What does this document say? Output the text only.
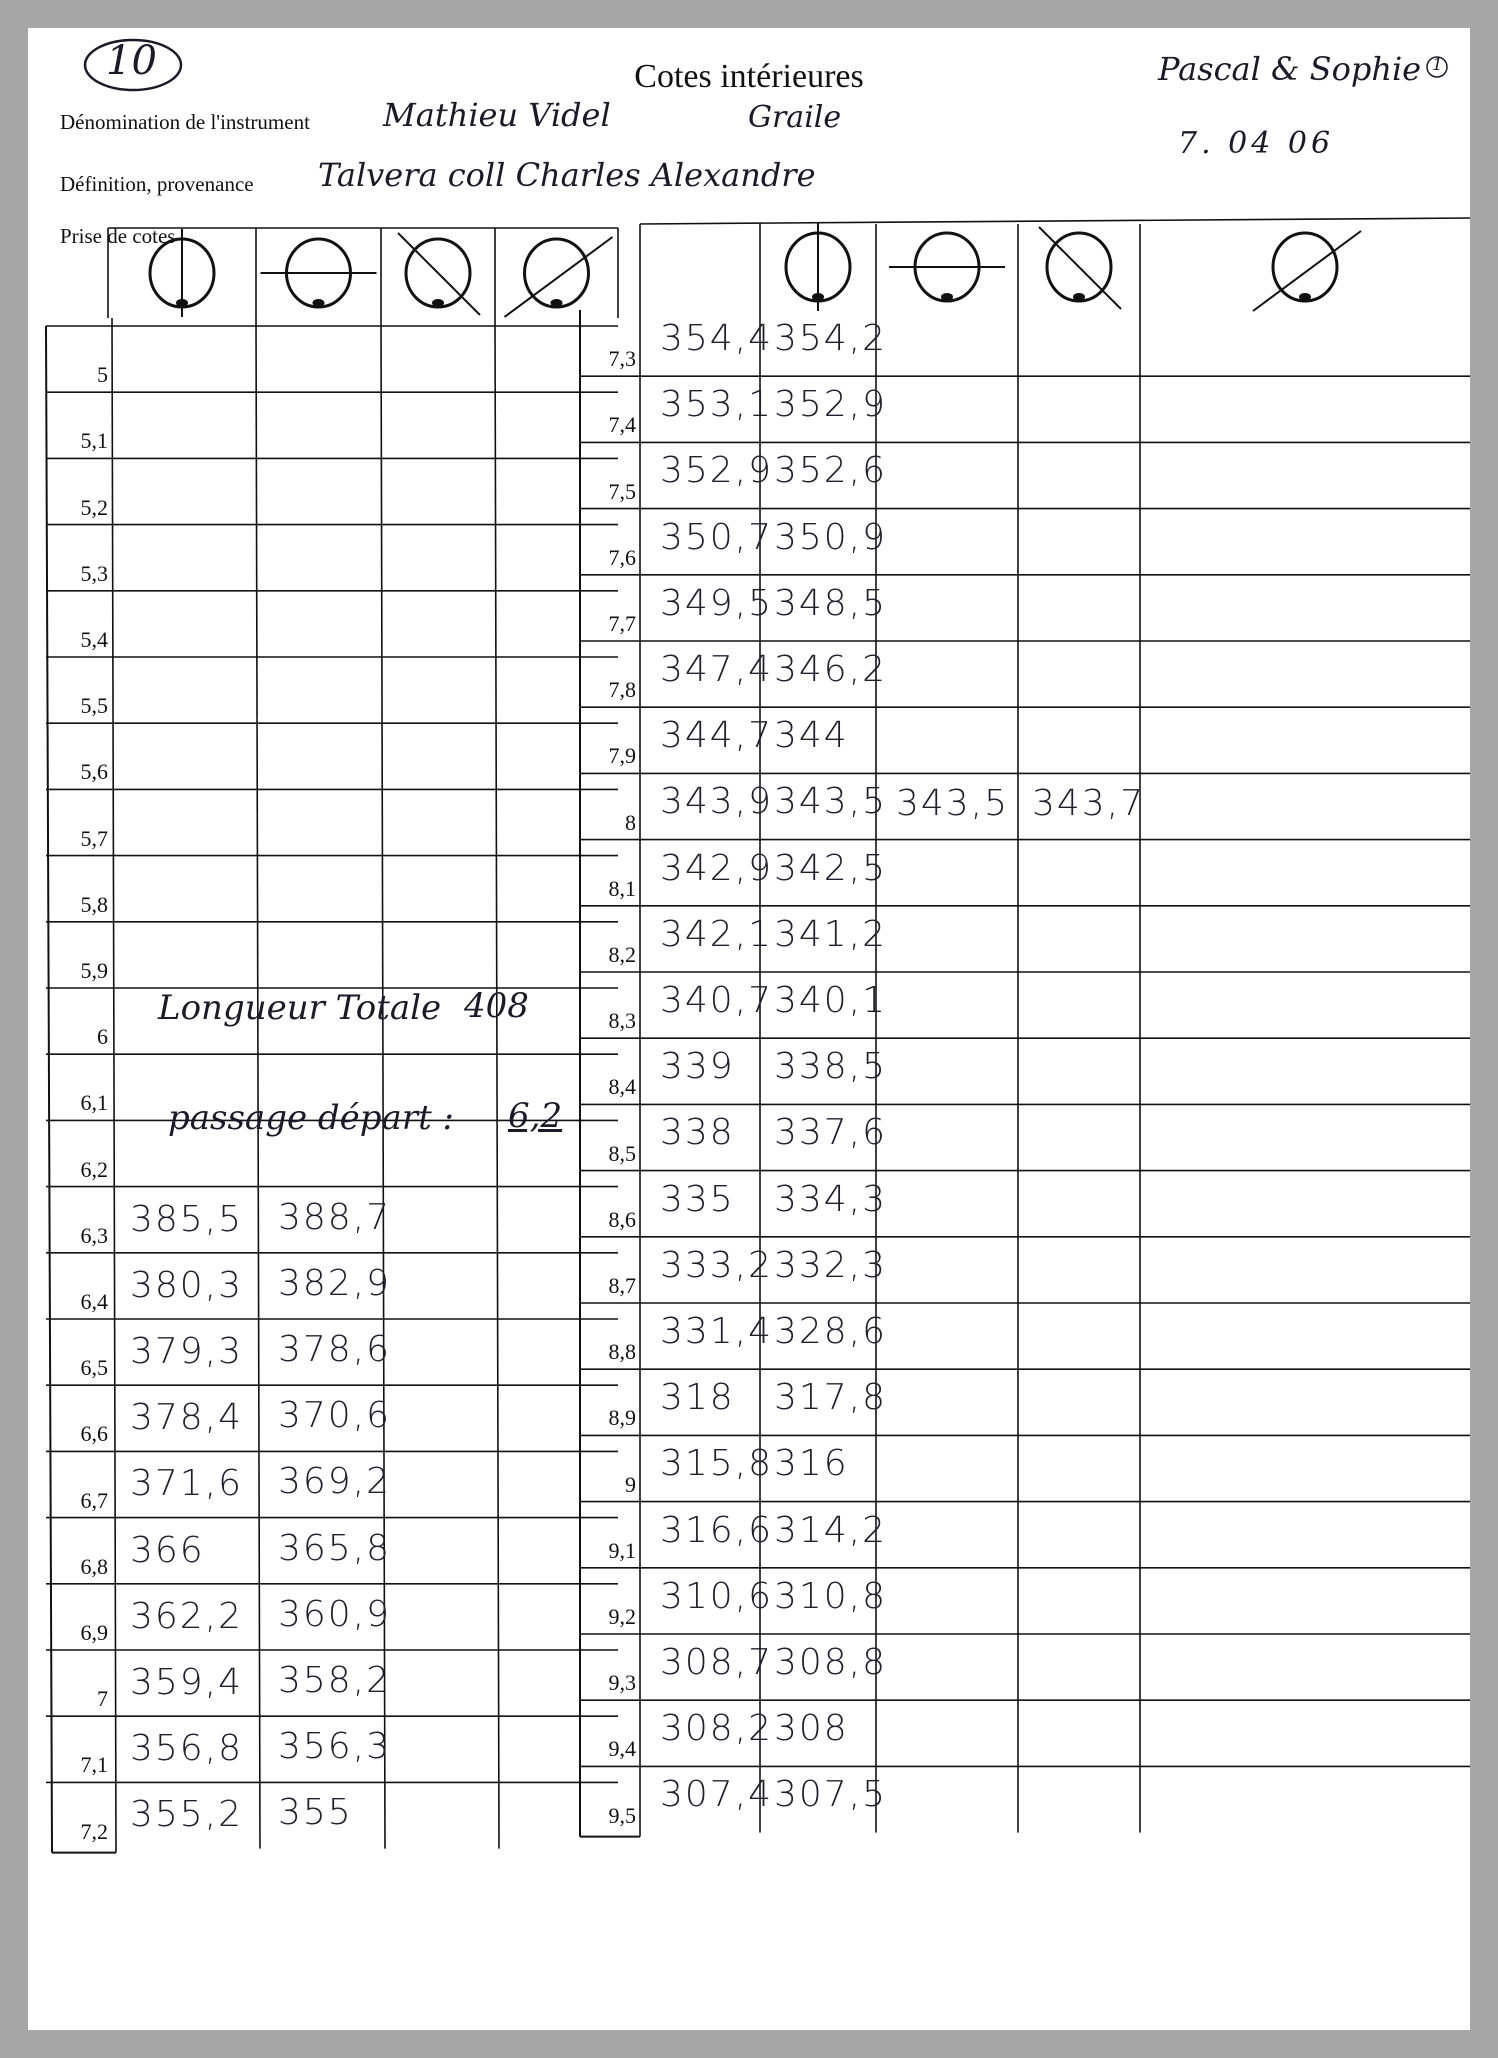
10	Cotes intérieures
Dénomination de l'instrument Mathieu Videl	Graile
Définition, provenance Talvera coll Charles Alexandre
Pascal & Sophie 1
7. 04 06
Prise de cotes
5
5,1
5,2
5,3
5,4
5,5
5,6
5,7
5,8
5,9
6
6,1
6,2
6,3 385,5 388,7
6,4 380,3 382,9
6,5 379,3 378,6
6,6 378,4 370,6
6,7 371,6 369,2
6,8 366 365,8
6,9 362,2 360,9
7 359,4 358,2
7,1 356,8 356,3
7,2 355,2 355
7,3 354,4 354,2
7,4 353,1 352,9
7,5 352,9 352,6
7,6 350,7 350,9
7,7 349,5 348,5
7,8 347,4 346,2
7,9 344,7 344
8 343,9 343,5 343,5 343,7
8,1 342,9 342,5
8,2 342,1 341,2
8,3 340,7 340,1
8,4 339 338,5
8,5 338 337,6
8,6 335 334,3
8,7 333,2 332,3
8,8 331,4 328,6
8,9 318 317,8
9 315,8 316
9,1 316,6 314,2
9,2 310,6 310,8
9,3 308,7 308,8
9,4 308,2 308
9,5 307,4 307,5
Longueur Totale 408
passage départ : 6,2
